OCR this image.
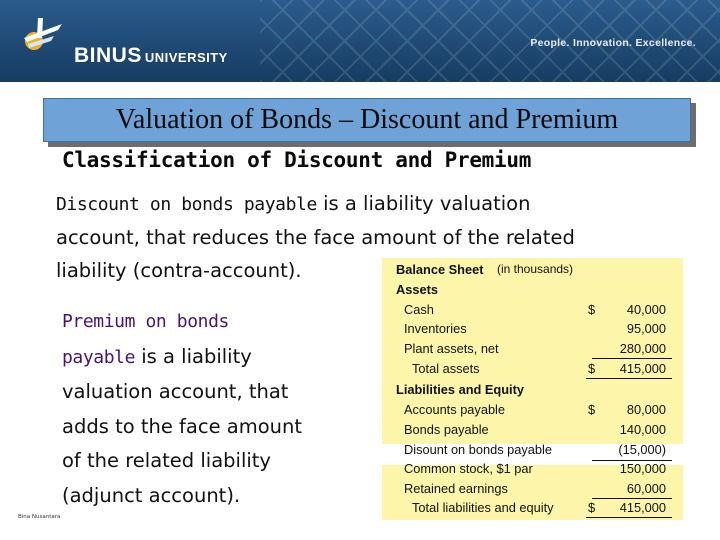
BINUS UNIVERSITY
People. Innovation. Excellence.
Valuation of Bonds – Discount and Premium
Classification of Discount and Premium
Discount on bonds payable is a liability valuation
account, that reduces the face amount of the related
liability (contra-account).
Premium on bonds
payable is a liability
valuation account, that
adds to the face amount
of the related liability
(adjunct account).
Balance Sheet (in thousands)
Assets
Cash	$ 40,000
Inventories	95,000
Plant assets, net	280,000
Total assets	$ 415,000
Liabilities and Equity
Accounts payable	$ 80,000
Bonds payable	140,000
Disount on bonds payable	(15,000)
Common stock, $1 par	150,000
Retained earnings	60,000
Total liabilities and equity	$ 415,000
Bina Nusantara
